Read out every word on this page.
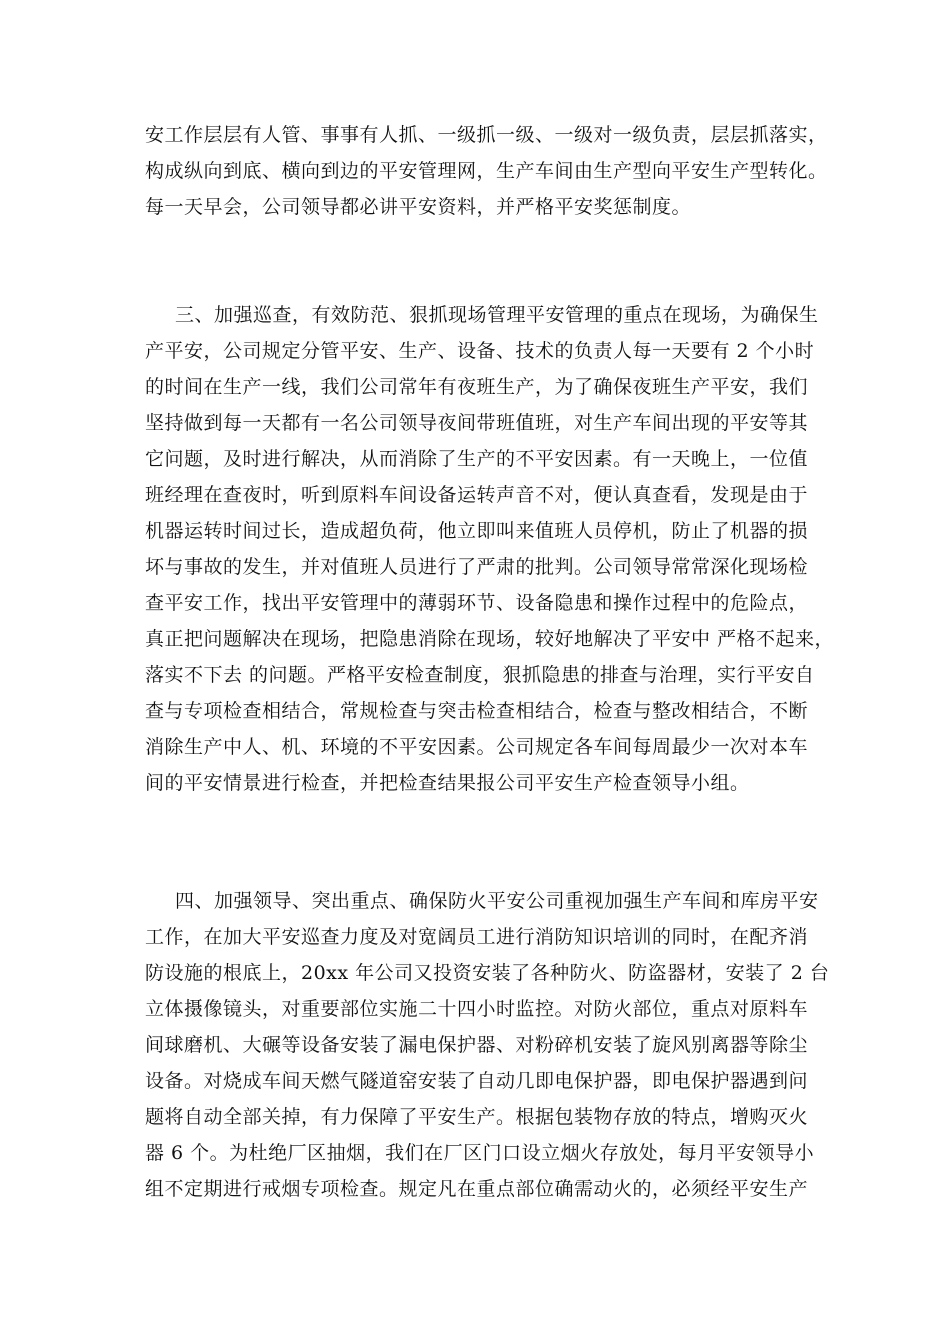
安工作层层有人管、事事有人抓、一级抓一级、一级对一级负责，层层抓落实，
构成纵向到底、横向到边的平安管理网，生产车间由生产型向平安生产型转化。
每一天早会，公司领导都必讲平安资料，并严格平安奖惩制度。
三、加强巡查，有效防范、狠抓现场管理平安管理的重点在现场，为确保生
产平安，公司规定分管平安、生产、设备、技术的负责人每一天要有 2 个小时
的时间在生产一线，我们公司常年有夜班生产，为了确保夜班生产平安，我们
坚持做到每一天都有一名公司领导夜间带班值班，对生产车间出现的平安等其
它问题，及时进行解决，从而消除了生产的不平安因素。有一天晚上，一位值
班经理在查夜时，听到原料车间设备运转声音不对，便认真查看，发现是由于
机器运转时间过长，造成超负荷，他立即叫来值班人员停机，防止了机器的损
坏与事故的发生，并对值班人员进行了严肃的批判。公司领导常常深化现场检
查平安工作，找出平安管理中的薄弱环节、设备隐患和操作过程中的危险点，
真正把问题解决在现场，把隐患消除在现场，较好地解决了平安中 严格不起来，
落实不下去 的问题。严格平安检查制度，狠抓隐患的排查与治理，实行平安自
查与专项检查相结合，常规检查与突击检查相结合，检查与整改相结合，不断
消除生产中人、机、环境的不平安因素。公司规定各车间每周最少一次对本车
间的平安情景进行检查，并把检查结果报公司平安生产检查领导小组。
四、加强领导、突出重点、确保防火平安公司重视加强生产车间和库房平安
工作，在加大平安巡查力度及对宽阔员工进行消防知识培训的同时，在配齐消
防设施的根底上，20xx 年公司又投资安装了各种防火、防盗器材，安装了 2 台
立体摄像镜头，对重要部位实施二十四小时监控。对防火部位，重点对原料车
间球磨机、大碾等设备安装了漏电保护器、对粉碎机安装了旋风别离器等除尘
设备。对烧成车间天燃气隧道窑安装了自动几即电保护器，即电保护器遇到问
题将自动全部关掉，有力保障了平安生产。根据包装物存放的特点，增购灭火
器 6 个。为杜绝厂区抽烟，我们在厂区门口设立烟火存放处，每月平安领导小
组不定期进行戒烟专项检查。规定凡在重点部位确需动火的，必须经平安生产
